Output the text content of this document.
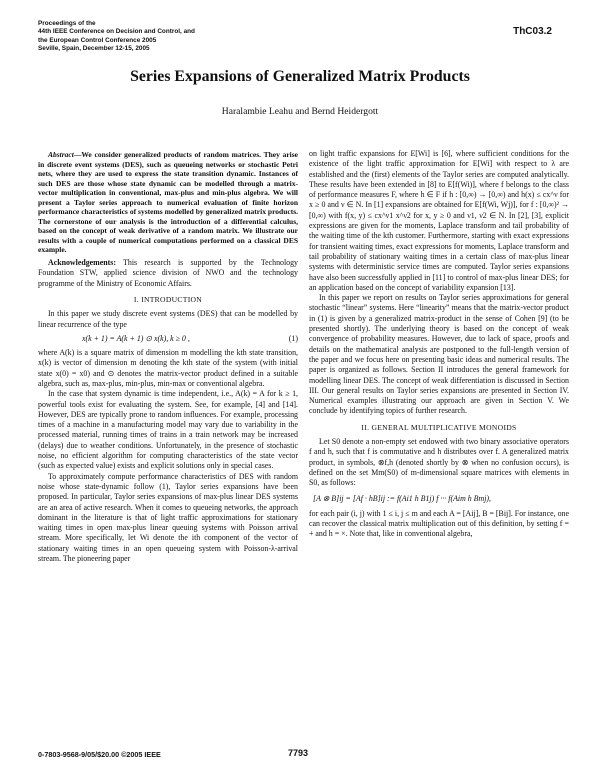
Proceedings of the
44th IEEE Conference on Decision and Control, and
the European Control Conference 2005
Seville, Spain, December 12-15, 2005
ThC03.2
Series Expansions of Generalized Matrix Products
Haralambie Leahu and Bernd Heidergott

Abstract—We consider generalized products of random matrices. They arise in discrete event systems (DES), such as queueing networks or stochastic Petri nets, where they are used to express the state transition dynamic. Instances of such DES are those whose state dynamic can be modelled through a matrix-vector multiplication in conventional, max-plus and min-plus algebra. We will present a Taylor series approach to numerical evaluation of finite horizon performance characteristics of systems modelled by generalized matrix products. The cornerstone of our analysis is the introduction of a differential calculus, based on the concept of weak derivative of a random matrix. We illustrate our results with a couple of numerical computations performed on a classical DES example.

Acknowledgements: This research is supported by the Technology Foundation STW, applied science division of NWO and the technology programme of the Ministry of Economic Affairs.

I. INTRODUCTION

In this paper we study discrete event systems (DES) that can be modelled by linear recurrence of the type

x(k + 1) = A(k + 1) ⊙ x(k), k ≥ 0 ,	(1)

where A(k) is a square matrix of dimension m modelling the kth state transition, x(k) is vector of dimension m denoting the kth state of the system (with initial state x(0) = x0) and ⊙ denotes the matrix-vector product defined in a suitable algebra, such as, max-plus, min-plus, min-max or conventional algebra.

In the case that system dynamic is time independent, i.e., A(k) = A for k ≥ 1, powerful tools exist for evaluating the system. See, for example, [4] and [14]. However, DES are typically prone to random influences. For example, processing times of a machine in a manufacturing model may vary due to variability in the processed material, running times of trains in a train network may be increased (delays) due to weather conditions. Unfortunately, in the presence of stochastic noise, no efficient algorithm for computing characteristics of the state vector (such as expected value) exists and explicit solutions only in special cases.

To approximately compute performance characteristics of DES with random noise whose state-dynamic follow (1), Taylor series expansions have been proposed. In particular, Taylor series expansions of max-plus linear DES systems are an area of active research. When it comes to queueing networks, the approach dominant in the literature is that of light traffic approximations for stationary waiting times in open max-plus linear queuing systems with Poisson arrival stream. More specifically, let Wi denote the ith component of the vector of stationary waiting times in an open queueing system with Poisson-λ-arrival stream. The pioneering paper

on light traffic expansions for E[Wi] is [6], where sufficient conditions for the existence of the light traffic approximation for E[Wi] with respect to λ are established and the (first) elements of the Taylor series are computed analytically. These results have been extended in [8] to E[f(Wi)], where f belongs to the class of performance measures F, where h ∈ F if h : [0,∞) → [0,∞) and h(x) ≤ cx^ν for x ≥ 0 and ν ∈ N. In [1] expansions are obtained for E[f(Wi, Wj)], for f : [0,∞)² → [0,∞) with f(x, y) ≤ cx^ν1 x^ν2 for x, y ≥ 0 and ν1, ν2 ∈ N. In [2], [3], explicit expressions are given for the moments, Laplace transform and tail probability of the waiting time of the kth customer. Furthermore, starting with exact expressions for transient waiting times, exact expressions for moments, Laplace transform and tail probability of stationary waiting times in a certain class of max-plus linear systems with deterministic service times are computed. Taylor series expansions have also been successfully applied in [11] to control of max-plus linear DES; for an application based on the concept of variability expansion [13].

In this paper we report on results on Taylor series approximations for general stochastic “linear” systems. Here “linearity” means that the matrix-vector product in (1) is given by a generalized matrix-product in the sense of Cohen [9] (to be presented shortly). The underlying theory is based on the concept of weak convergence of probability measures. However, due to lack of space, proofs and details on the mathematical analysis are postponed to the full-length version of the paper and we focus here on presenting basic ideas and numerical results. The paper is organized as follows. Section II introduces the general framework for modelling linear DES. The concept of weak differentiation is discussed in Section III. Our general results on Taylor series expansions are presented in Section IV. Numerical examples illustrating our approach are given in Section V. We conclude by identifying topics of further research.

II. GENERAL MULTIPLICATIVE MONOIDS

Let S0 denote a non-empty set endowed with two binary associative operators f and h, such that f is commutative and h distributes over f. A generalized matrix product, in symbols, ⊗f,h (denoted shortly by ⊗ when no confusion occurs), is defined on the set Mm(S0) of m-dimensional square matrices with elements in S0, as follows:

[A ⊗ B]ij = [Af · hB]ij := f(Ai1 h B1j) f ··· f(Aim h Bmj),

for each pair (i, j) with 1 ≤ i, j ≤ m and each A = [Aij], B = [Bij]. For instance, one can recover the classical matrix multiplication out of this definition, by setting f = + and h = ×. Note that, like in conventional algebra,

0-7803-9568-9/05/$20.00 ©2005 IEEE	7793
